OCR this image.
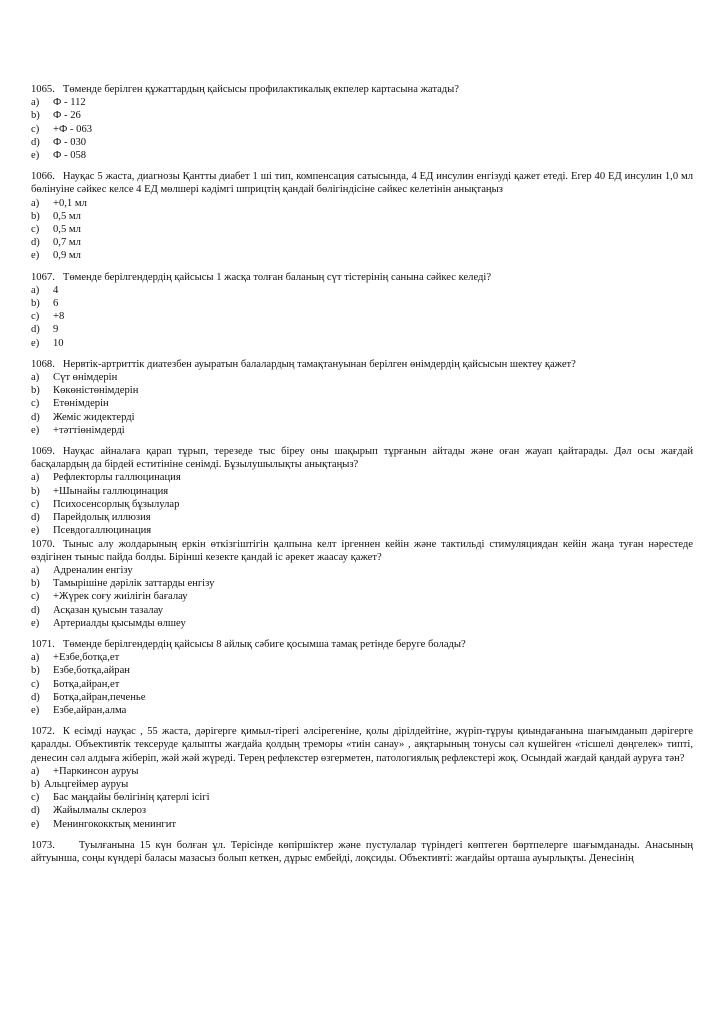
1065. Төменде берілген құжаттардың қайсысы профилактикалық екпелер картасына жатады?
a)	Ф - 112
b)	Ф - 26
c)	+Ф - 063
d)	Ф - 030
e)	Ф - 058
1066. Науқас 5 жаста, диагнозы Қантты диабет 1 ші тип, компенсация сатысында, 4 ЕД инсулин енгізуді қажет етеді. Егер 40 ЕД инсулин 1,0 мл бөлінуіне сәйкес келсе 4 ЕД мөлшері кәдімгі шприцтің қандай бөлігіндісіне сәйкес келетінін анықтаңыз
a)	+0,1 мл
b)	0,5 мл
c)	0,5 мл
d)	0,7 мл
e)	0,9 мл
1067. Төменде берілгендердің қайсысы 1 жасқа толған баланың сүт тістерінің санына сәйкес келеді?
a)	4
b)	6
c)	+8
d)	9
e)	10
1068. Нервтік-артриттік диатезбен ауыратын балалардың тамақтануынан берілген өнімдердің қайсысын шектеу қажет?
a)	Сүт өнімдерін
b)	Көкөністөнімдерін
c)	Етөнімдерін
d)	Жеміс жидектерді
e)	+тәттіөнімдерді
1069. Науқас айналаға қарап тұрып, терезеде тыс біреу оны шақырып тұрғанын айтады және оған жауап қайтарады. Дәл осы жағдай басқалардың да бірдей еститініне сенімді. Бұзылушылықты анықтаңыз?
a)	Рефлекторлы галлюцинация
b)	+Шынайы галлюцинация
c)	Психосенсорлық бұзылулар
d)	Парейдолық иллюзия
e)	Псевдогаллюцинация
1070. Тыныс алу жолдарының еркін өткізгіштігін қалпына келт іргеннен кейін және тактильді стимуляциядан кейін жаңа туған нәрестеде өздігінен тыныс пайда болды. Бірінші кезекте қандай іс әрекет жаасау қажет?
a)	Адреналин енгізу
b)	Тамырішіне дәрілік заттарды енгізу
c)	+Жүрек соғу жиілігін бағалау
d)	Асқазан қуысын тазалау
e)	Артериалды қысымды өлшеу
1071. Төменде берілгендердің қайсысы 8 айлық сәбиге қосымша тамақ ретінде беруге болады?
a)	+Езбе,ботқа,ет
b)	Езбе,ботқа,айран
c)	Ботқа,айран,ет
d)	Ботқа,айран,печенье
e)	Езбе,айран,алма
1072. К есімді науқас , 55 жаста, дәрігерге қимыл-тірегі әлсірегеніне, қолы дірілдейтіне, жүріп-тұруы қиындағанына шағымданып дәрігерге қаралды. Объективтік тексеруде қалыпты жағдайа қолдың треморы «тиін санау» , аяқтарының тонусы сәл күшейген «тісшелі дөңгелек» типті, денесин сәл алдыға жіберіп, жәй жәй жүреді. Терең рефлекстер өзгерметен, патологиялық рефлекстері жоқ. Осындай жағдай қандай ауруға тән?
a)	+Паркинсон ауруы
b) Альцгеймер ауруы
c)	Бас маңдайы бөлігінің қатерлі ісігі
d)	Жайылмалы склероз
e)	Менингококктық менингит
1073. Туылғанына 15 күн болған ұл. Терісінде көпіршіктер және пустулалар түріндегі көптеген бөртпелерге шағымданады. Анасының айтуынша, соңы күндері баласы мазасыз болып кеткен, дұрыс ембейді, лоқсиды. Объективті: жағдайы орташа ауырлықты. Денесінің
